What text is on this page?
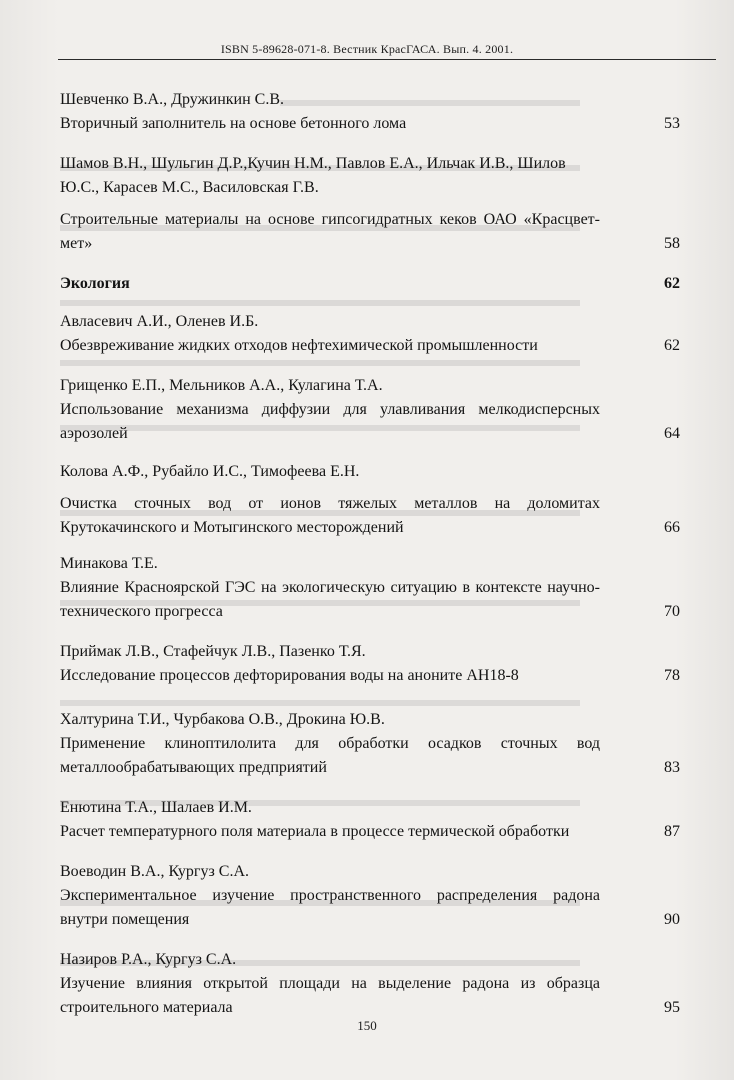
ISBN 5-89628-071-8. Вестник КрасГАСА. Вып. 4. 2001.
Шевченко В.А., Дружинкин С.В.
Вторичный заполнитель на основе бетонного лома	53
Шамов В.Н., Шульгин Д.Р.,Кучин Н.М., Павлов Е.А., Ильчак И.В., Шилов Ю.С., Карасев М.С., Василовская Г.В.
Строительные материалы на основе гипсогидратных кеков ОАО «Красцвет-мет»	58
Экология	62
Авласевич А.И., Оленев И.Б.
Обезвреживание жидких отходов нефтехимической промышленности	62
Грищенко Е.П., Мельников А.А., Кулагина Т.А.
Использование механизма диффузии для улавливания мелкодисперсных аэрозолей	64
Колова А.Ф., Рубайло И.С., Тимофеева Е.Н.
Очистка сточных вод от ионов тяжелых металлов на доломитах Крутокачинского и Мотыгинского месторождений	66
Минакова Т.Е.
Влияние Красноярской ГЭС на экологическую ситуацию в контексте научно-технического прогресса	70
Приймак Л.В., Стафейчук Л.В., Пазенко Т.Я.
Исследование процессов дефторирования воды на аноните АН18-8	78
Халтурина Т.И., Чурбакова О.В., Дрокина Ю.В.
Применение клиноптилолита для обработки осадков сточных вод металлообрабатывающих предприятий	83
Енютина Т.А., Шалаев И.М.
Расчет температурного поля материала в процессе термической обработки	87
Воеводин В.А., Кургуз С.А.
Экспериментальное изучение пространственного распределения радона внутри помещения	90
Назиров Р.А., Кургуз С.А.
Изучение влияния открытой площади на выделение радона из образца строительного материала	95
150
